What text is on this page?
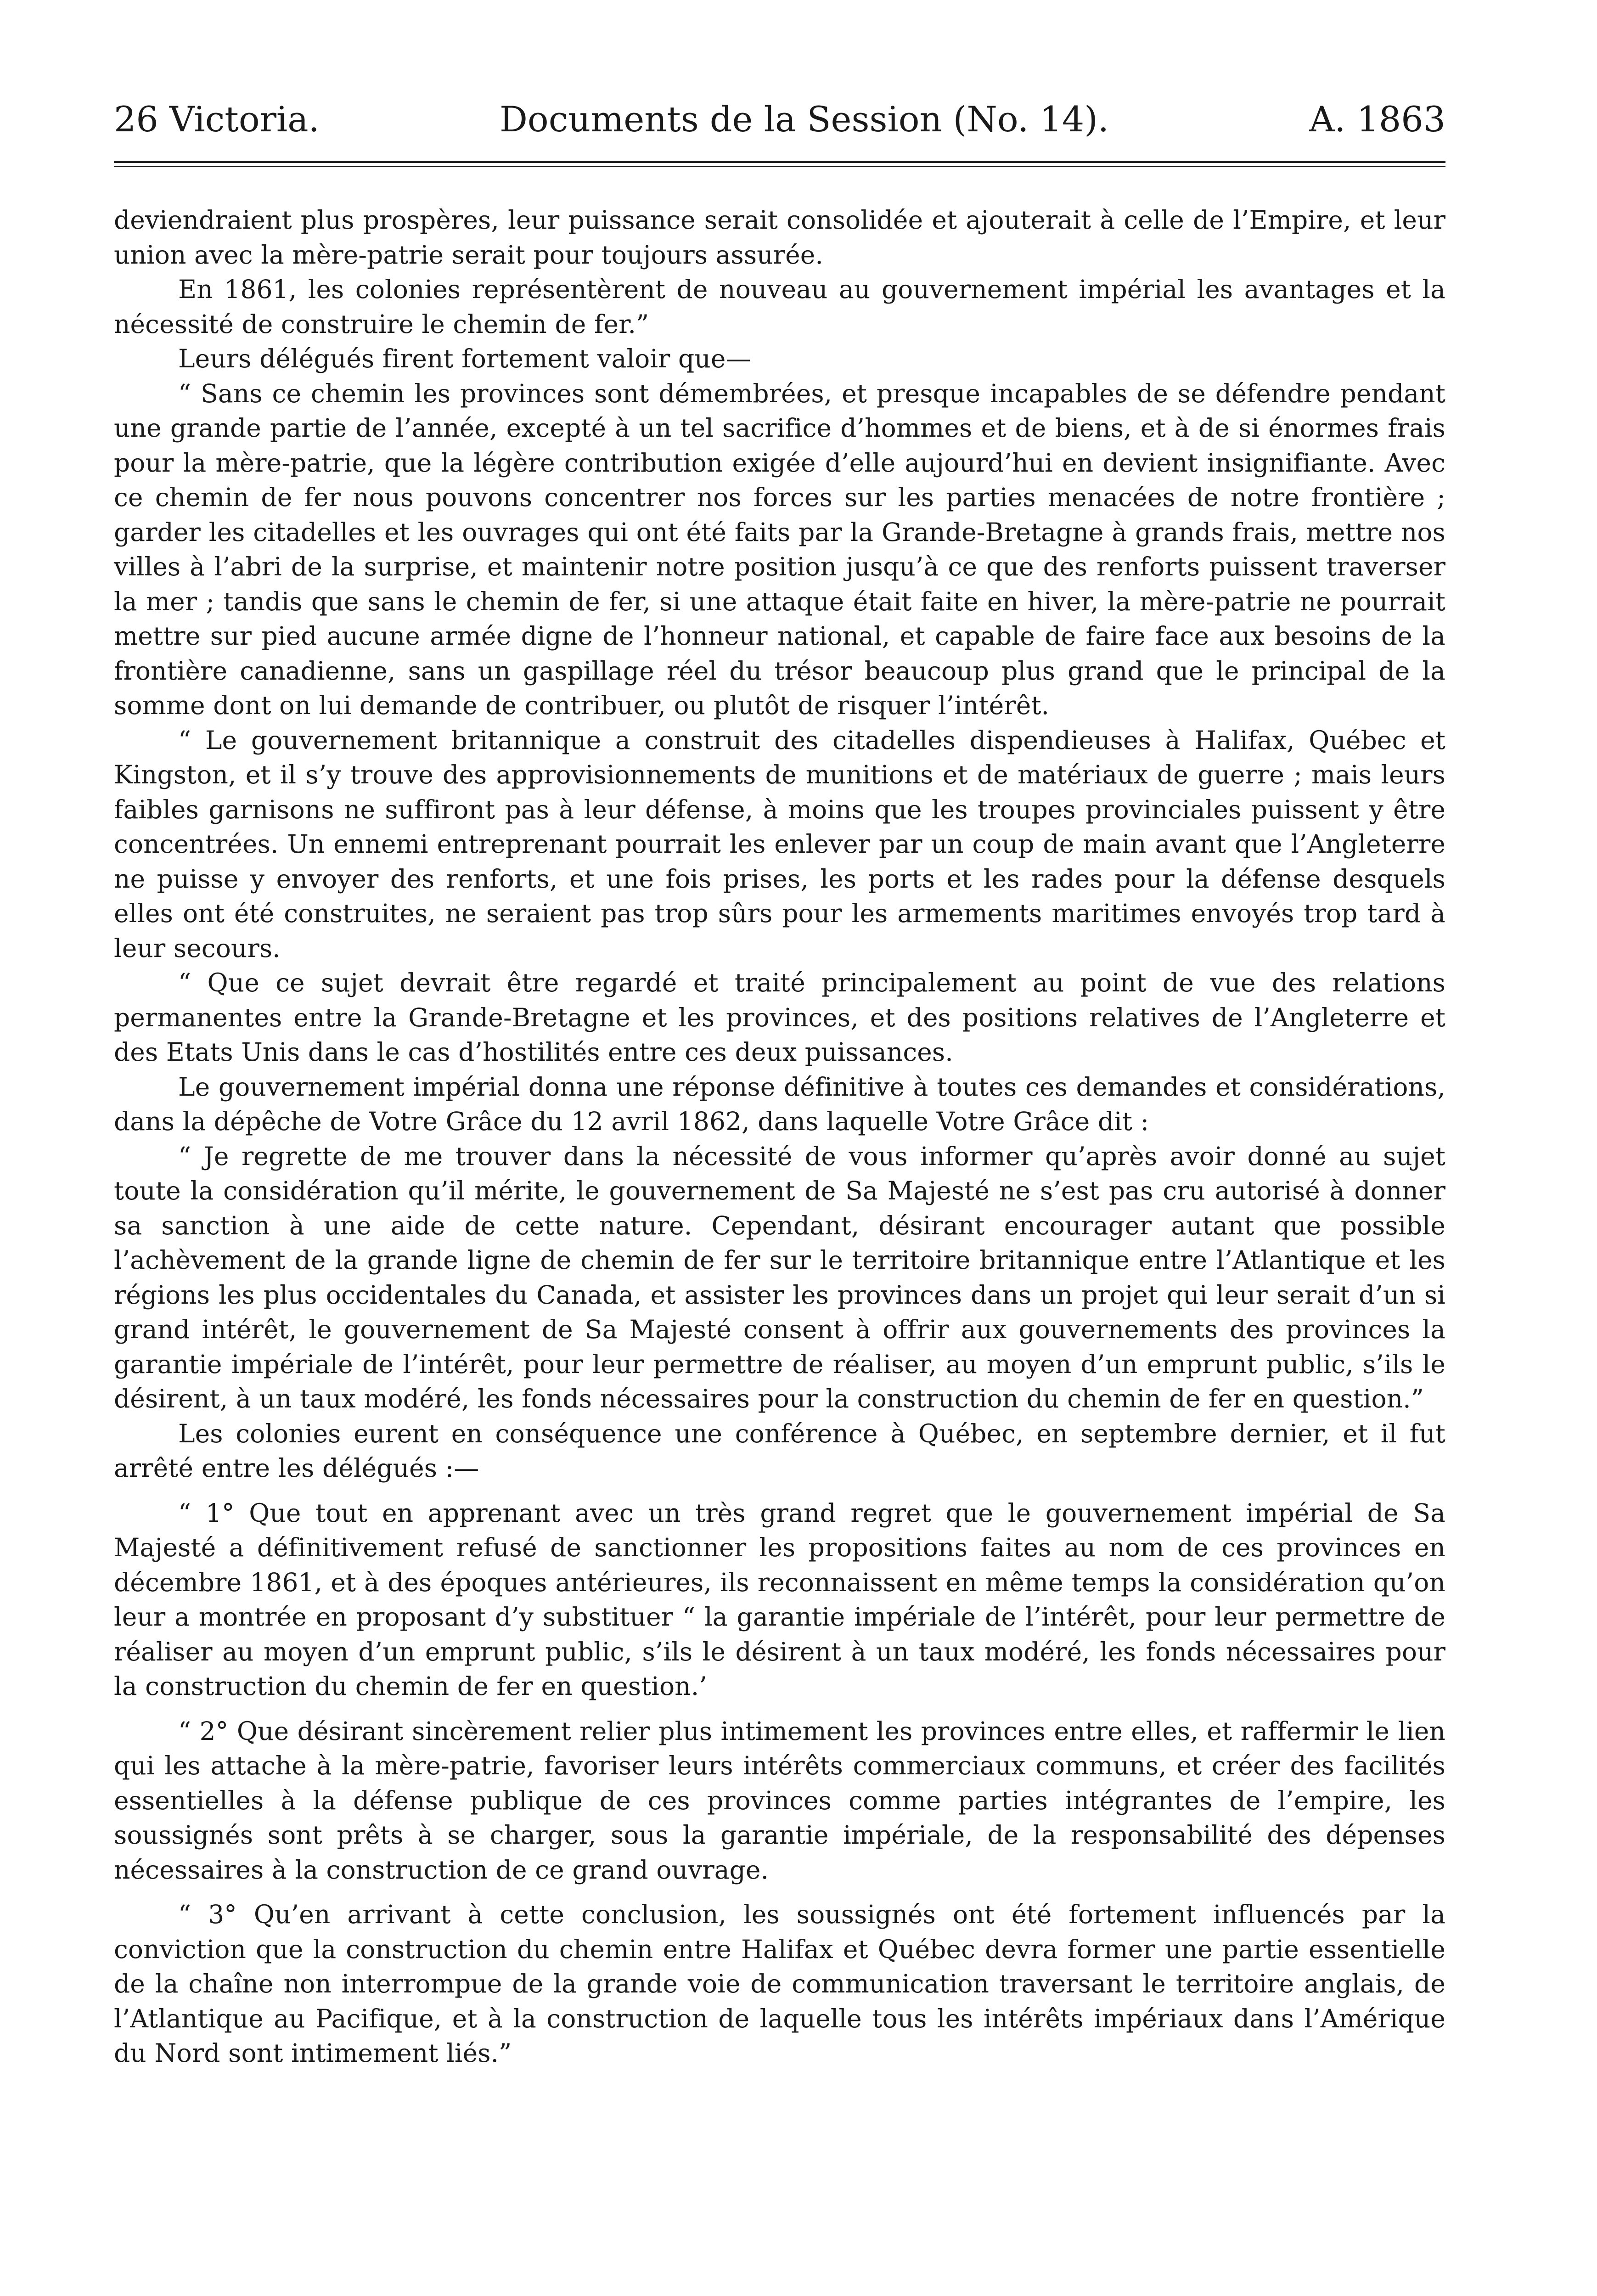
26 Victoria.	Documents de la Session (No. 14).	A. 1863

deviendraient plus prospères, leur puissance serait consolidée et ajouterait à celle de l’Empire, et leur union avec la mère-patrie serait pour toujours assurée.

En 1861, les colonies représentèrent de nouveau au gouvernement impérial les avantages et la nécessité de construire le chemin de fer.”

Leurs délégués firent fortement valoir que—

“ Sans ce chemin les provinces sont démembrées, et presque incapables de se défendre pendant une grande partie de l’année, excepté à un tel sacrifice d’hommes et de biens, et à de si énormes frais pour la mère-patrie, que la légère contribution exigée d’elle aujourd’hui en devient insignifiante. Avec ce chemin de fer nous pouvons concentrer nos forces sur les parties menacées de notre frontière ; garder les citadelles et les ouvrages qui ont été faits par la Grande-Bretagne à grands frais, mettre nos villes à l’abri de la surprise, et maintenir notre position jusqu’à ce que des renforts puissent traverser la mer ; tandis que sans le chemin de fer, si une attaque était faite en hiver, la mère-patrie ne pourrait mettre sur pied aucune armée digne de l’honneur national, et capable de faire face aux besoins de la frontière canadienne, sans un gaspillage réel du trésor beaucoup plus grand que le principal de la somme dont on lui demande de contribuer, ou plutôt de risquer l’intérêt.

“ Le gouvernement britannique a construit des citadelles dispendieuses à Halifax, Québec et Kingston, et il s’y trouve des approvisionnements de munitions et de matériaux de guerre ; mais leurs faibles garnisons ne suffiront pas à leur défense, à moins que les troupes provinciales puissent y être concentrées. Un ennemi entreprenant pourrait les enlever par un coup de main avant que l’Angleterre ne puisse y envoyer des renforts, et une fois prises, les ports et les rades pour la défense desquels elles ont été construites, ne seraient pas trop sûrs pour les armements maritimes envoyés trop tard à leur secours.

“ Que ce sujet devrait être regardé et traité principalement au point de vue des relations permanentes entre la Grande-Bretagne et les provinces, et des positions relatives de l’Angleterre et des Etats Unis dans le cas d’hostilités entre ces deux puissances.

Le gouvernement impérial donna une réponse définitive à toutes ces demandes et considérations, dans la dépêche de Votre Grâce du 12 avril 1862, dans laquelle Votre Grâce dit :

“ Je regrette de me trouver dans la nécessité de vous informer qu’après avoir donné au sujet toute la considération qu’il mérite, le gouvernement de Sa Majesté ne s’est pas cru autorisé à donner sa sanction à une aide de cette nature. Cependant, désirant encourager autant que possible l’achèvement de la grande ligne de chemin de fer sur le territoire britannique entre l’Atlantique et les régions les plus occidentales du Canada, et assister les provinces dans un projet qui leur serait d’un si grand intérêt, le gouvernement de Sa Majesté consent à offrir aux gouvernements des provinces la garantie impériale de l’intérêt, pour leur permettre de réaliser, au moyen d’un emprunt public, s’ils le désirent, à un taux modéré, les fonds nécessaires pour la construction du chemin de fer en question.”

Les colonies eurent en conséquence une conférence à Québec, en septembre dernier, et il fut arrêté entre les délégués :—

“ 1° Que tout en apprenant avec un très grand regret que le gouvernement impérial de Sa Majesté a définitivement refusé de sanctionner les propositions faites au nom de ces provinces en décembre 1861, et à des époques antérieures, ils reconnaissent en même temps la considération qu’on leur a montrée en proposant d’y substituer “ la garantie impériale de l’intérêt, pour leur permettre de réaliser au moyen d’un emprunt public, s’ils le désirent à un taux modéré, les fonds nécessaires pour la construction du chemin de fer en question.’

“ 2° Que désirant sincèrement relier plus intimement les provinces entre elles, et raffermir le lien qui les attache à la mère-patrie, favoriser leurs intérêts commerciaux communs, et créer des facilités essentielles à la défense publique de ces provinces comme parties intégrantes de l’empire, les soussignés sont prêts à se charger, sous la garantie impériale, de la responsabilité des dépenses nécessaires à la construction de ce grand ouvrage.

“ 3° Qu’en arrivant à cette conclusion, les soussignés ont été fortement influencés par la conviction que la construction du chemin entre Halifax et Québec devra former une partie essentielle de la chaîne non interrompue de la grande voie de communication traversant le territoire anglais, de l’Atlantique au Pacifique, et à la construction de laquelle tous les intérêts impériaux dans l’Amérique du Nord sont intimement liés.”
